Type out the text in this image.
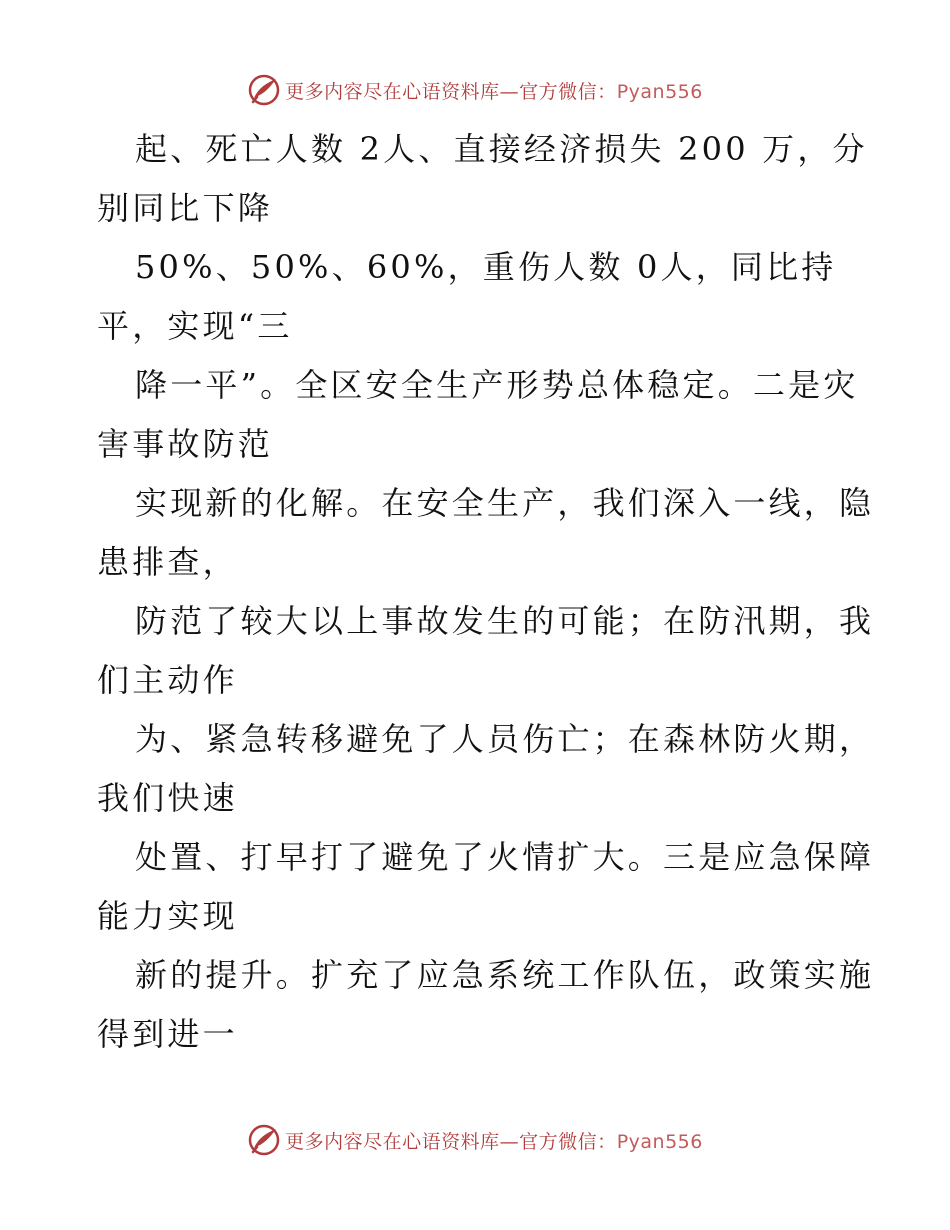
更多内容尽在心语资料库—官方微信：Pyan556
起、死亡人数 2人、直接经济损失 200 万，分
别同比下降
50%、50%、60%，重伤人数 0人，同比持
平，实现“三
降一平”。全区安全生产形势总体稳定。二是灾
害事故防范
实现新的化解。在安全生产，我们深入一线，隐
患排查，
防范了较大以上事故发生的可能；在防汛期，我
们主动作
为、紧急转移避免了人员伤亡；在森林防火期，
我们快速
处置、打早打了避免了火情扩大。三是应急保障
能力实现
新的提升。扩充了应急系统工作队伍，政策实施
得到进一
更多内容尽在心语资料库—官方微信：Pyan556
